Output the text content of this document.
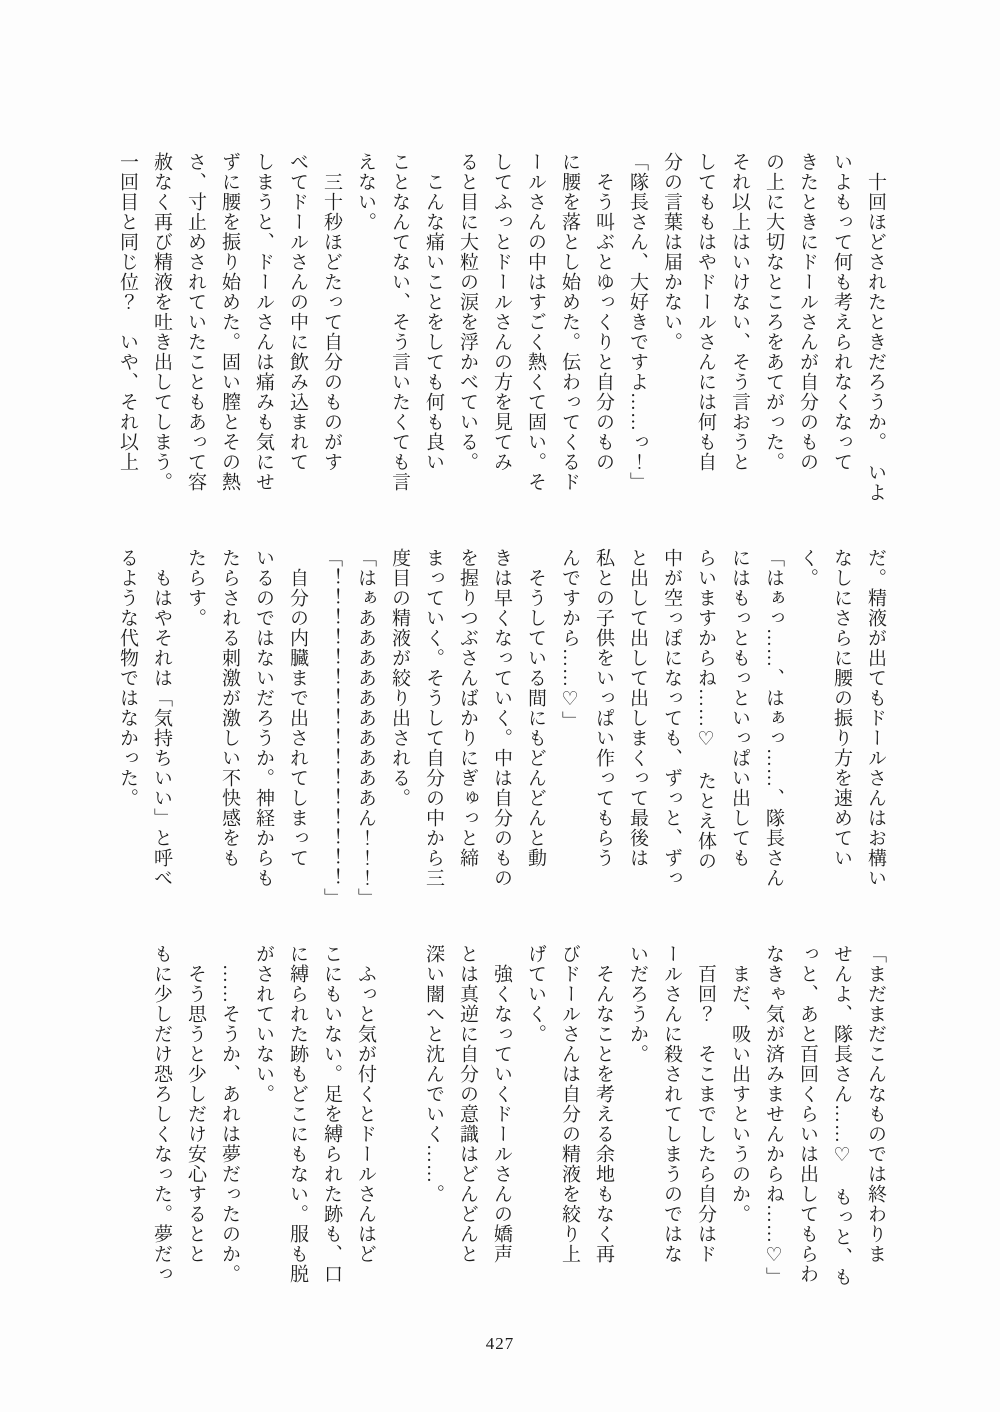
　十回ほどされたときだろうか。　いよ
いよもって何も考えられなくなって
きたときにドールさんが自分のもの
の上に大切なところをあてがった。
それ以上はいけない、そう言おうと
してももはやドールさんには何も自
分の言葉は届かない。
「隊長さん、大好きですよ……っ！」
　そう叫ぶとゆっくりと自分のもの
に腰を落とし始めた。伝わってくるド
ールさんの中はすごく熱くて固い。そ
してふっとドールさんの方を見てみ
ると目に大粒の涙を浮かべている。
　こんな痛いことをしても何も良い
ことなんてない、そう言いたくても言
えない。
　三十秒ほどたって自分のものがす
べてドールさんの中に飲み込まれて
しまうと、ドールさんは痛みも気にせ
ずに腰を振り始めた。固い膣とその熱
さ、寸止めされていたこともあって容
赦なく再び精液を吐き出してしまう。
一回目と同じ位？　いや、それ以上
だ。精液が出てもドールさんはお構い
なしにさらに腰の振り方を速めてい
く。
「はぁっ……、はぁっ……、隊長さん
にはもっともっといっぱい出しても
らいますからね……♡　たとえ体の
中が空っぽになっても、ずっと、ずっ
と出して出して出しまくって最後は
私との子供をいっぱい作ってもらう
んですから……♡」
　そうしている間にもどんどんと動
きは早くなっていく。中は自分のもの
を握りつぶさんばかりにぎゅっと締
まっていく。そうして自分の中から三
度目の精液が絞り出される。
「はぁああああああああああん！！！」
「！！！！！！！！！！！！！！！！」
　自分の内臓まで出されてしまって
いるのではないだろうか。神経からも
たらされる刺激が激しい不快感をも
たらす。
　もはやそれは「気持ちいい」と呼べ
るような代物ではなかった。
「まだまだこんなものでは終わりま
せんよ、隊長さん……♡　もっと、も
っと、あと百回くらいは出してもらわ
なきゃ気が済みませんからね……♡」
　まだ、吸い出すというのか。
　百回？　そこまでしたら自分はド
ールさんに殺されてしまうのではな
いだろうか。
　そんなことを考える余地もなく再
びドールさんは自分の精液を絞り上
げていく。
　強くなっていくドールさんの嬌声
とは真逆に自分の意識はどんどんと
深い闇へと沈んでいく……。

　ふっと気が付くとドールさんはど
こにもいない。足を縛られた跡も、口
に縛られた跡もどこにもない。服も脱
がされていない。
　……そうか、あれは夢だったのか。
　そう思うと少しだけ安心するとと
もに少しだけ恐ろしくなった。夢だっ
427
